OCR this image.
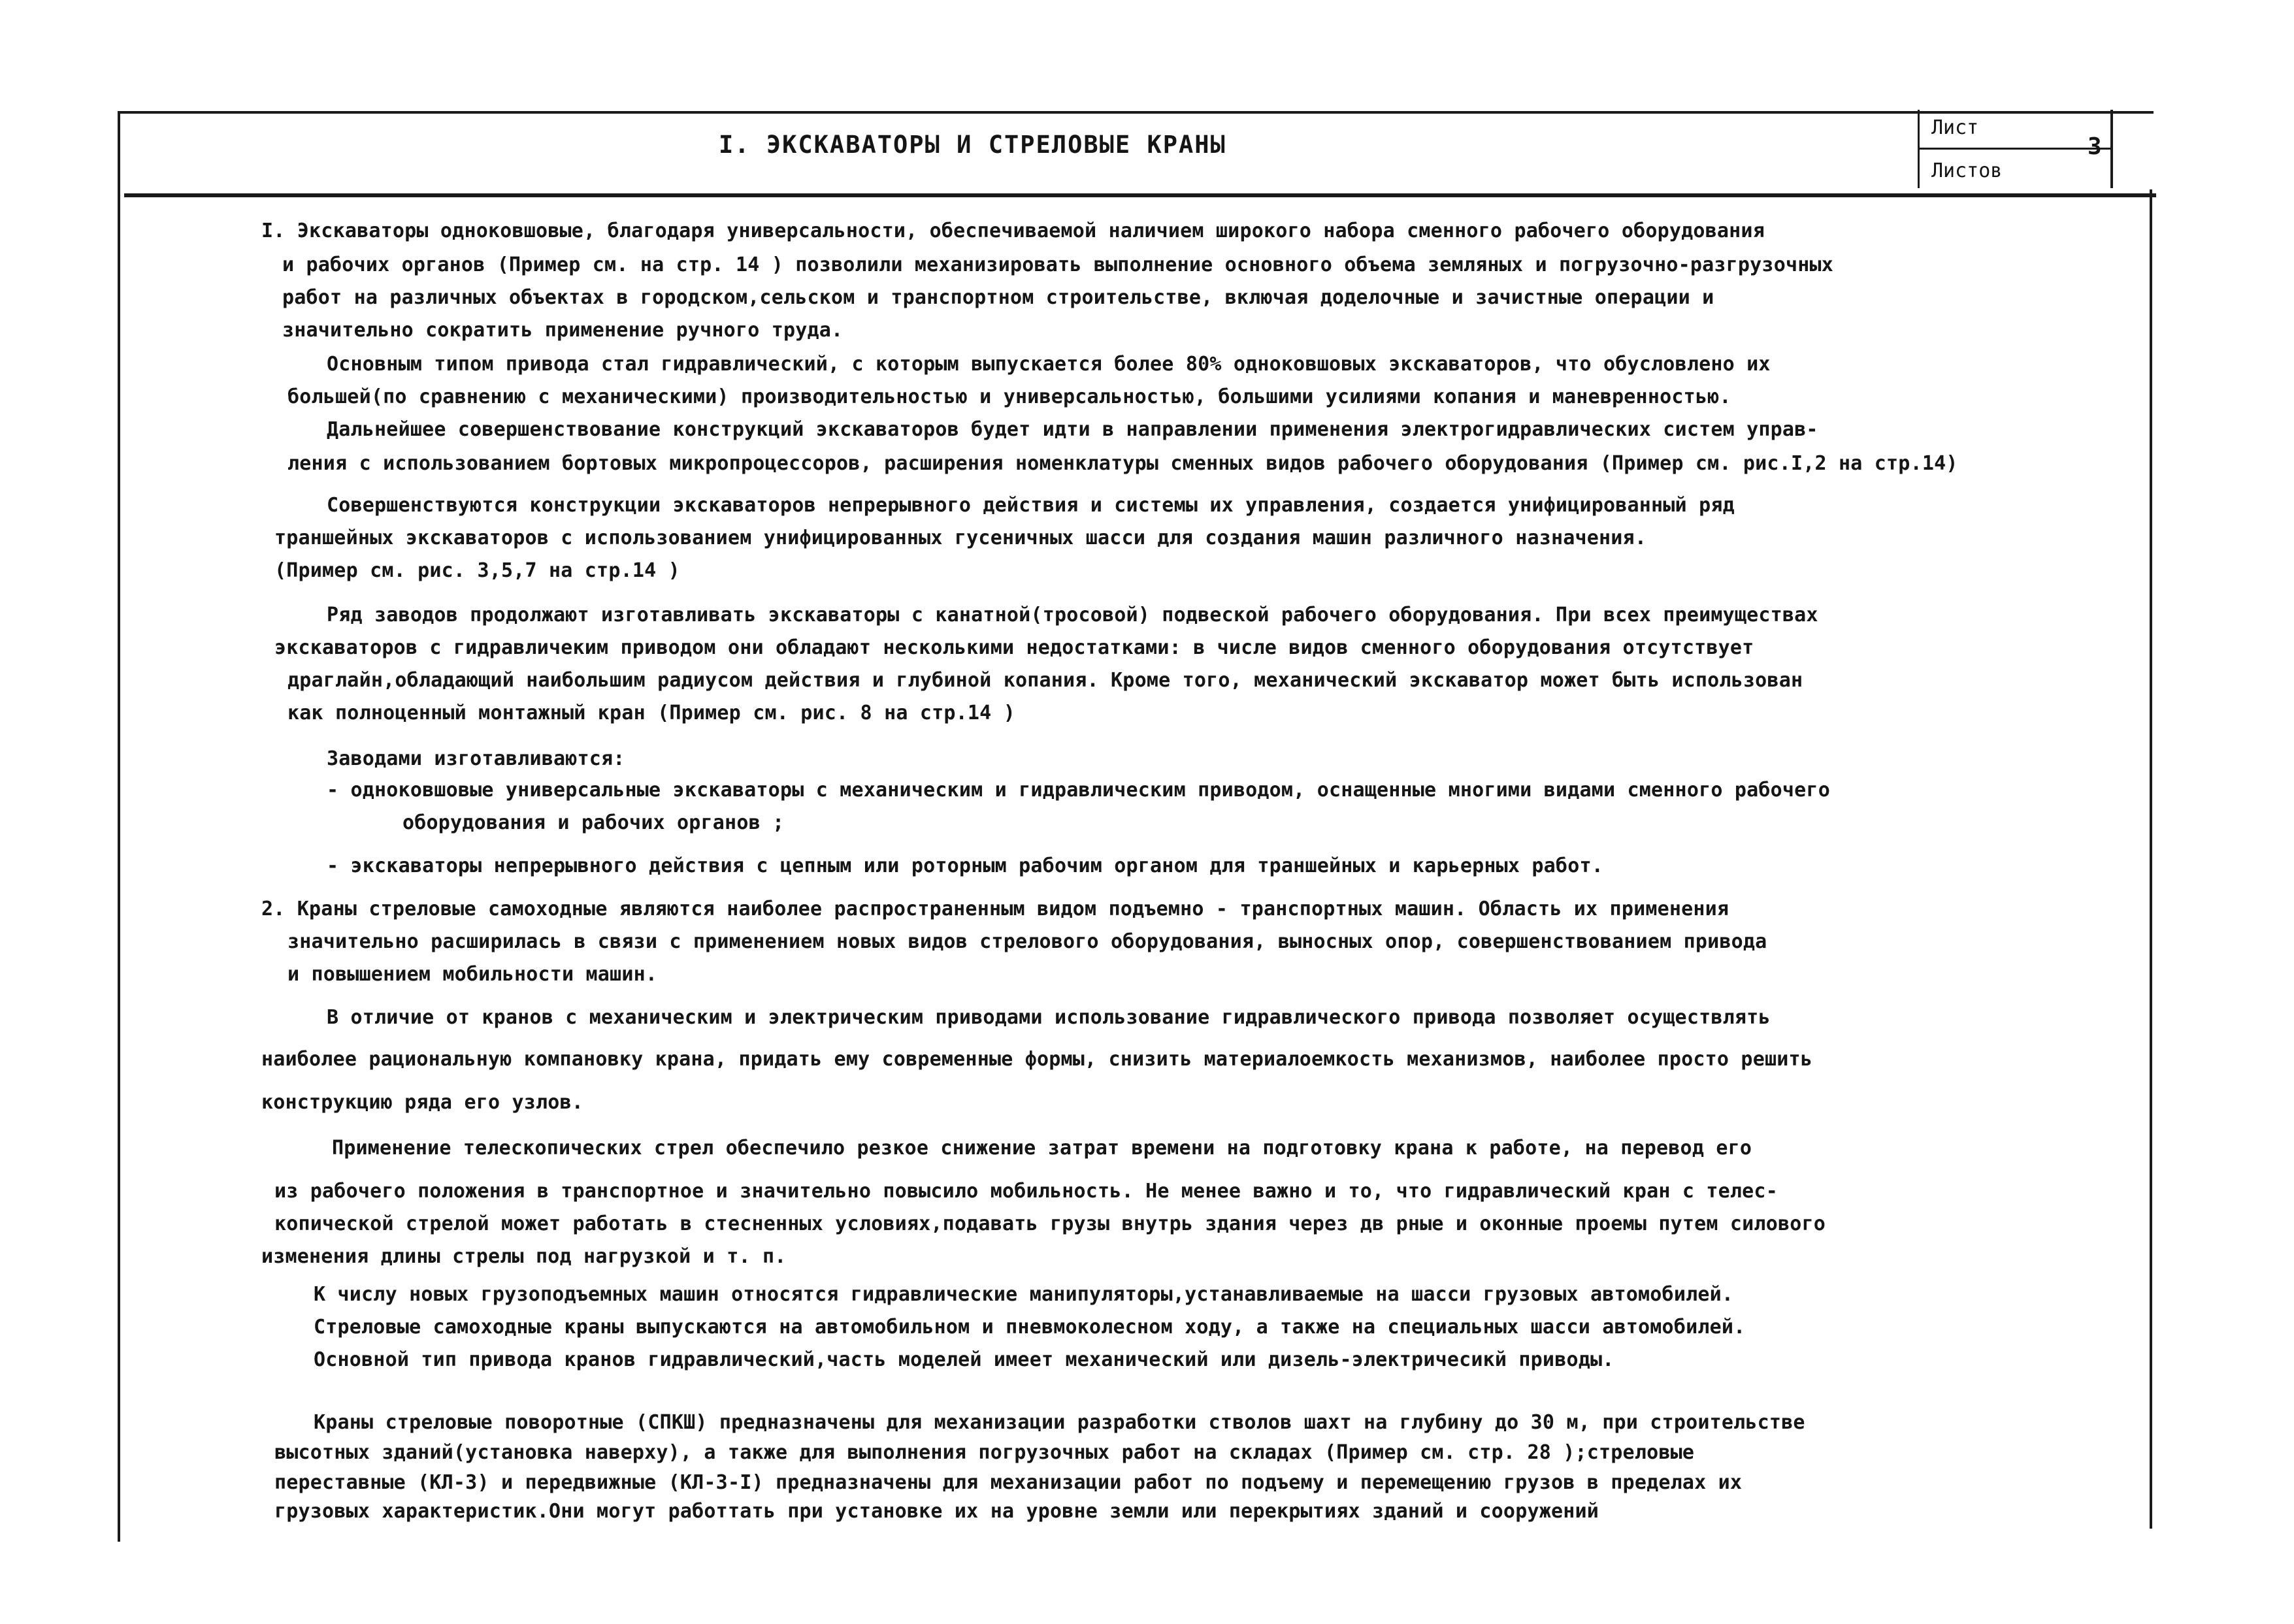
I. ЭКСКАВАТОРЫ И СТРЕЛОВЫЕ КРАНЫ
Лист
Листов
3
I. Экскаваторы одноковшовые, благодаря универсальности, обеспечиваемой наличием широкого набора сменного рабочего оборудования
и рабочих органов (Пример см. на стр. 14 ) позволили механизировать выполнение основного объема земляных и погрузочно-разгрузочных
работ на различных объектах в городском,сельском и транспортном строительстве, включая доделочные и зачистные операции и
значительно сократить применение ручного труда.
Основным типом привода стал гидравлический, с которым выпускается более 80% одноковшовых экскаваторов, что обусловлено их
большей(по сравнению с механическими) производительностью и универсальностью, большими усилиями копания и маневренностью.
Дальнейшее совершенствование конструкций экскаваторов будет идти в направлении применения электрогидравлических систем управ-
ления с использованием бортовых микропроцессоров, расширения номенклатуры сменных видов рабочего оборудования (Пример см. рис.I,2 на стр.14)
Совершенствуются конструкции экскаваторов непрерывного действия и системы их управления, создается унифицированный ряд
траншейных экскаваторов с использованием унифицированных гусеничных шасси для создания машин различного назначения.
(Пример см. рис. 3,5,7 на стр.14 )
Ряд заводов продолжают изготавливать экскаваторы с канатной(тросовой) подвеской рабочего оборудования. При всех преимуществах
экскаваторов с гидравличеким приводом они обладают несколькими недостатками: в числе видов сменного оборудования отсутствует
драглайн,обладающий наибольшим радиусом действия и глубиной копания. Кроме того, механический экскаватор может быть использован
как полноценный монтажный кран (Пример см. рис. 8 на стр.14 )
Заводами изготавливаются:
- одноковшовые универсальные экскаваторы с механическим и гидравлическим приводом, оснащенные многими видами сменного рабочего
оборудования и рабочих органов ;
- экскаваторы непрерывного действия с цепным или роторным рабочим органом для траншейных и карьерных работ.
2. Краны стреловые самоходные являются наиболее распространенным видом подъемно - транспортных машин. Область их применения
значительно расширилась в связи с применением новых видов стрелового оборудования, выносных опор, совершенствованием привода
и повышением мобильности машин.
В отличие от кранов с механическим и электрическим приводами использование гидравлического привода позволяет осуществлять
наиболее рациональную компановку крана, придать ему современные формы, снизить материалоемкость механизмов, наиболее просто решить
конструкцию ряда его узлов.
Применение телескопических стрел обеспечило резкое снижение затрат времени на подготовку крана к работе, на перевод его
из рабочего положения в транспортное и значительно повысило мобильность. Не менее важно и то, что гидравлический кран с телес-
копической стрелой может работать в стесненных условиях,подавать грузы внутрь здания через дв рные и оконные проемы путем силового
изменения длины стрелы под нагрузкой и т. п.
К числу новых грузоподъемных машин относятся гидравлические манипуляторы,устанавливаемые на шасси грузовых автомобилей.
Стреловые самоходные краны выпускаются на автомобильном и пневмоколесном ходу, а также на специальных шасси автомобилей.
Основной тип привода кранов гидравлический,часть моделей имеет механический или дизель-электричесикй приводы.
Краны стреловые поворотные (СПКШ) предназначены для механизации разработки стволов шахт на глубину до 30 м, при строительстве
высотных зданий(установка наверху), а также для выполнения погрузочных работ на складах (Пример см. стр. 28 );стреловые
переставные (КЛ-3) и передвижные (КЛ-3-I) предназначены для механизации работ по подъему и перемещению грузов в пределах их
грузовых характеристик.Они могут работтать при установке их на уровне земли или перекрытиях зданий и сооружений
